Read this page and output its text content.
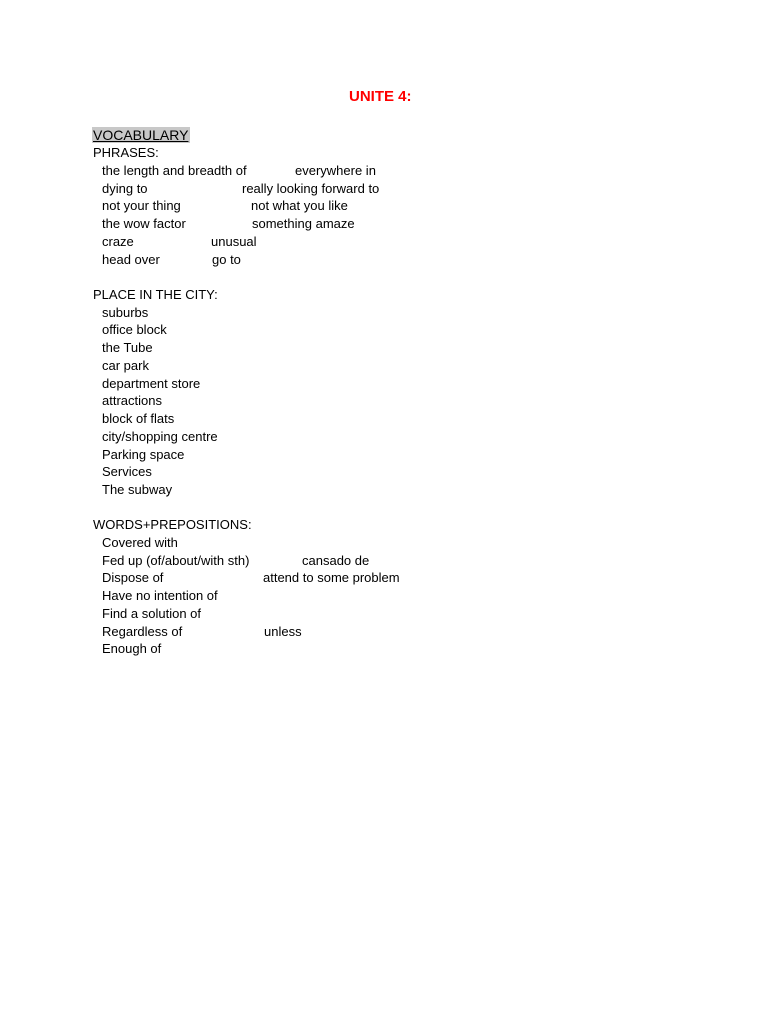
UNITE 4:
VOCABULARY
PHRASES:
the length and breadth of	everywhere in
dying to	really looking forward to
not your thing	not what you like
the wow factor	something amaze
craze	unusual
head over	go to
PLACE IN THE CITY:
suburbs
office block
the Tube
car park
department store
attractions
block of flats
city/shopping centre
Parking space
Services
The subway
WORDS+PREPOSITIONS:
Covered with
Fed up (of/about/with sth)	cansado de
Dispose of	attend to some problem
Have no intention of
Find a solution of
Regardless of	unless
Enough of
